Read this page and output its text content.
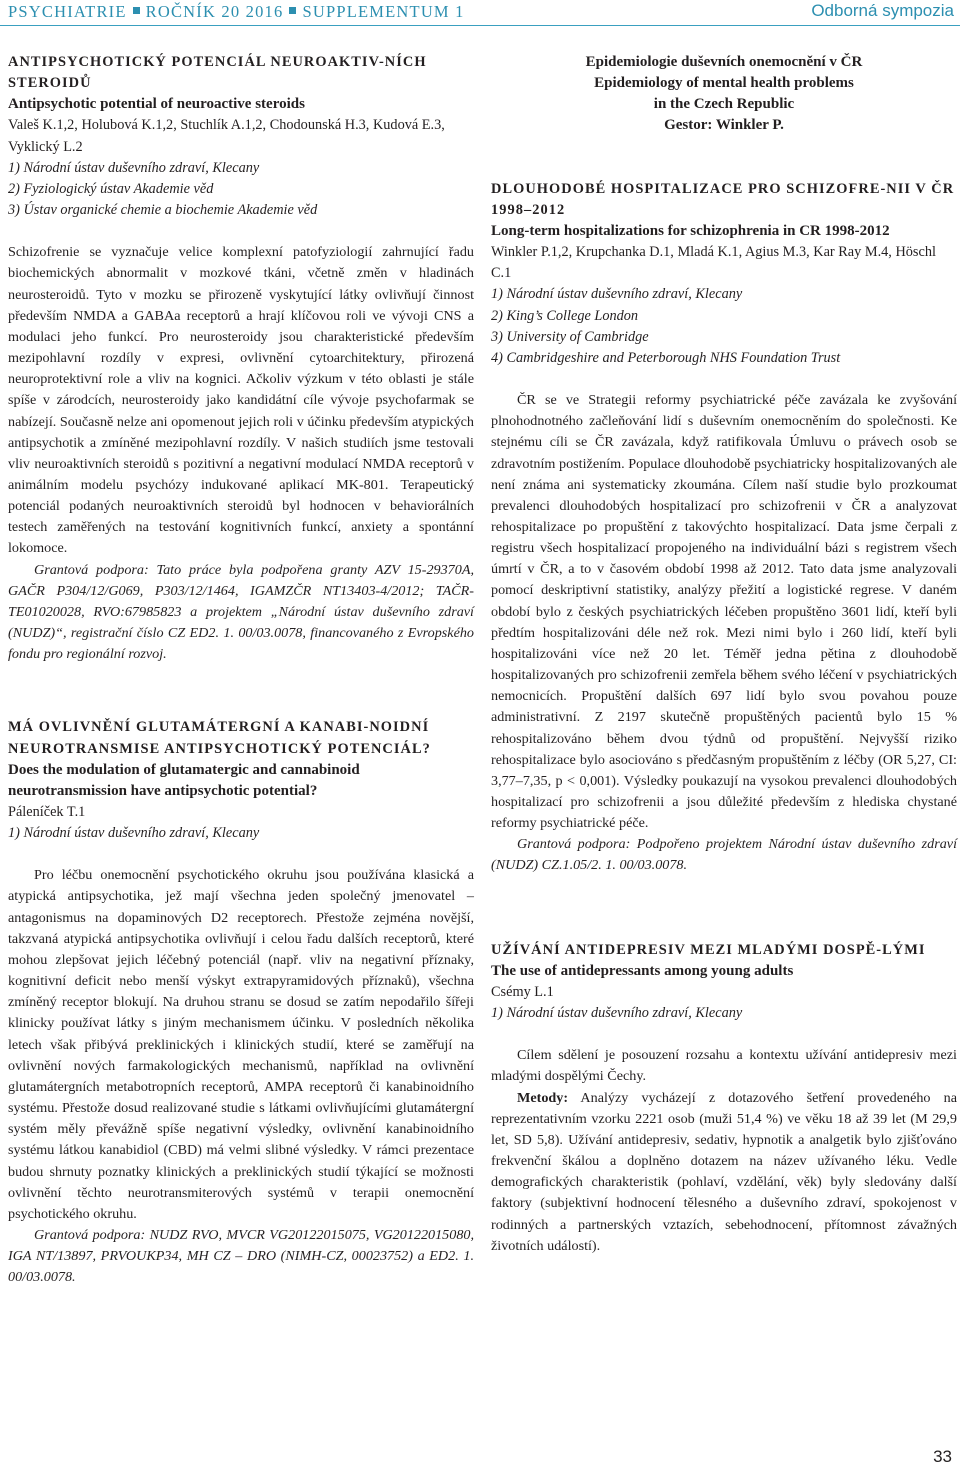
PSYCHIATRIE ROČNÍK 20 2016 SUPPLEMENTUM 1	Odborná sympozia
ANTIPSYCHOTICKÝ POTENCIÁL NEUROAKTIV-NÍCH STEROIDŮ
Antipsychotic potential of neuroactive steroids
Valeš K.1,2, Holubová K.1,2, Stuchlík A.1,2, Chodounská H.3, Kudová E.3, Vyklický L.2
1) Národní ústav duševního zdraví, Klecany
2) Fyziologický ústav Akademie věd
3) Ústav organické chemie a biochemie Akademie věd

Schizofrenie se vyznačuje velice komplexní patofyziologií zahrnující řadu biochemických abnormalit v mozkové tkáni, včetně změn v hladinách neurosteroidů. Tyto v mozku se přirozeně vyskytující látky ovlivňují činnost především NMDA a GABAa receptorů a hrají klíčovou roli ve vývoji CNS a modulaci jeho funkcí. Pro neurosteroidy jsou charakteristické především mezipohlavní rozdíly v expresi, ovlivnění cytoarchitektury, přirozená neuroprotektivní role a vliv na kognici. Ačkoliv výzkum v této oblasti je stále spíše v zárodcích, neurosteroidy jako kandidátní cíle vývoje psychofarmak se nabízejí. Současně nelze ani opomenout jejich roli v účinku především atypických antipsychotik a zmíněné mezipohlavní rozdíly. V našich studiích jsme testovali vliv neuroaktivních steroidů s pozitivní a negativní modulací NMDA receptorů v animálním modelu psychózy indukované aplikací MK-801. Terapeutický potenciál podaných neuroaktivních steroidů byl hodnocen v behaviorálních testech zaměřených na testování kognitivních funkcí, anxiety a spontánní lokomoce.

Grantová podpora: Tato práce byla podpořena granty AZV 15-29370A, GAČR P304/12/G069, P303/12/1464, IGAMZČR NT13403-4/2012; TAČR-TE01020028, RVO:67985823 a projektem „Národní ústav duševního zdraví (NUDZ)“, registrační číslo CZ ED2. 1. 00/03.0078, financovaného z Evropského fondu pro regionální rozvoj.
MÁ OVLIVNĚNÍ GLUTAMÁTERGNÍ A KANABI-NOIDNÍ NEUROTRANSMISE ANTIPSYCHOTICKÝ POTENCIÁL?
Does the modulation of glutamatergic and cannabinoid neurotransmission have antipsychotic potential?
Páleníček T.1
1) Národní ústav duševního zdraví, Klecany

Pro léčbu onemocnění psychotického okruhu jsou používána klasická a atypická antipsychotika, jež mají všechna jeden společný jmenovatel – antagonismus na dopaminových D2 receptorech. Přestože zejména novější, takzvaná atypická antipsychotika ovlivňují i celou řadu dalších receptorů, které mohou zlepšovat jejich léčebný potenciál (např. vliv na negativní příznaky, kognitivní deficit nebo menší výskyt extrapyramidových příznaků), všechna zmíněný receptor blokují. Na druhou stranu se dosud se zatím nepodařilo šířeji klinicky používat látky s jiným mechanismem účinku. V posledních několika letech však přibývá preklinických i klinických studií, které se zaměřují na ovlivnění nových farmakologických mechanismů, například na ovlivnění glutamátergních metabotropních receptorů, AMPA receptorů či kanabinoidního systému. Přestože dosud realizované studie s látkami ovlivňujícími glutamátergní systém měly převážně spíše negativní výsledky, ovlivnění kanabinoidního systému látkou kanabidiol (CBD) má velmi slibné výsledky. V rámci prezentace budou shrnuty poznatky klinických a preklinických studií týkající se možnosti ovlivnění těchto neurotransmiterových systémů v terapii onemocnění psychotického okruhu.

Grantová podpora: NUDZ RVO, MVCR VG20122015075, VG20122015080, IGA NT/13897, PRVOUKP34, MH CZ – DRO (NIMH-CZ, 00023752) a ED2. 1. 00/03.0078.
Epidemiologie duševních onemocnění v ČR
Epidemiology of mental health problems
in the Czech Republic
Gestor: Winkler P.
DLOUHODOBÉ HOSPITALIZACE PRO SCHIZOFRE-NII V ČR 1998–2012
Long-term hospitalizations for schizophrenia in CR 1998-2012
Winkler P.1,2, Krupchanka D.1, Mladá K.1, Agius M.3, Kar Ray M.4, Höschl C.1
1) Národní ústav duševního zdraví, Klecany
2) King’s College London
3) University of Cambridge
4) Cambridgeshire and Peterborough NHS Foundation Trust

ČR se ve Strategii reformy psychiatrické péče zavázala ke zvyšování plnohodnotného začleňování lidí s duševním onemocněním do společnosti. Ke stejnému cíli se ČR zavázala, když ratifikovala Úmluvu o právech osob se zdravotním postižením. Populace dlouhodobě psychiatricky hospitalizovaných ale není známa ani systematicky zkoumána. Cílem naší studie bylo prozkoumat prevalenci dlouhodobých hospitalizací pro schizofrenii v ČR a analyzovat rehospitalizace po propuštění z takovýchto hospitalizací. Data jsme čerpali z registru všech hospitalizací propojeného na individuální bázi s registrem všech úmrtí v ČR, a to v časovém období 1998 až 2012. Tato data jsme analyzovali pomocí deskriptivní statistiky, analýzy přežití a logistické regrese. V daném období bylo z českých psychiatrických léčeben propuštěno 3601 lidí, kteří byli předtím hospitalizováni déle než rok. Mezi nimi bylo i 260 lidí, kteří byli hospitalizováni více než 20 let. Téměř jedna pětina z dlouhodobě hospitalizovaných pro schizofrenii zemřela během svého léčení v psychiatrických nemocnicích. Propuštění dalších 697 lidí bylo svou povahou pouze administrativní. Z 2197 skutečně propuštěných pacientů bylo 15 % rehospitalizováno během dvou týdnů od propuštění. Nejvyšší riziko rehospitalizace bylo asociováno s předčasným propuštěním z léčby (OR 5,27, CI: 3,77–7,35, p < 0,001). Výsledky poukazují na vysokou prevalenci dlouhodobých hospitalizací pro schizofrenii a jsou důležité především z hlediska chystané reformy psychiatrické péče.

Grantová podpora: Podpořeno projektem Národní ústav duševního zdraví (NUDZ) CZ.1.05/2. 1. 00/03.0078.
UŽÍVÁNÍ ANTIDEPRESIV MEZI MLADÝMI DOSPĚ-LÝMI
The use of antidepressants among young adults
Csémy L.1
1) Národní ústav duševního zdraví, Klecany

Cílem sdělení je posouzení rozsahu a kontextu užívání antidepresiv mezi mladými dospělými Čechy.

Metody: Analýzy vycházejí z dotazového šetření provedeného na reprezentativním vzorku 2221 osob (muži 51,4 %) ve věku 18 až 39 let (M 29,9 let, SD 5,8). Užívání antidepresiv, sedativ, hypnotik a analgetik bylo zjišťováno frekvenční škálou a doplněno dotazem na název užívaného léku. Vedle demografických charakteristik (pohlaví, vzdělání, věk) byly sledovány další faktory (subjektivní hodnocení tělesného a duševního zdraví, spokojenost v rodinných a partnerských vztazích, sebehodnocení, přítomnost závažných životních událostí).

33
